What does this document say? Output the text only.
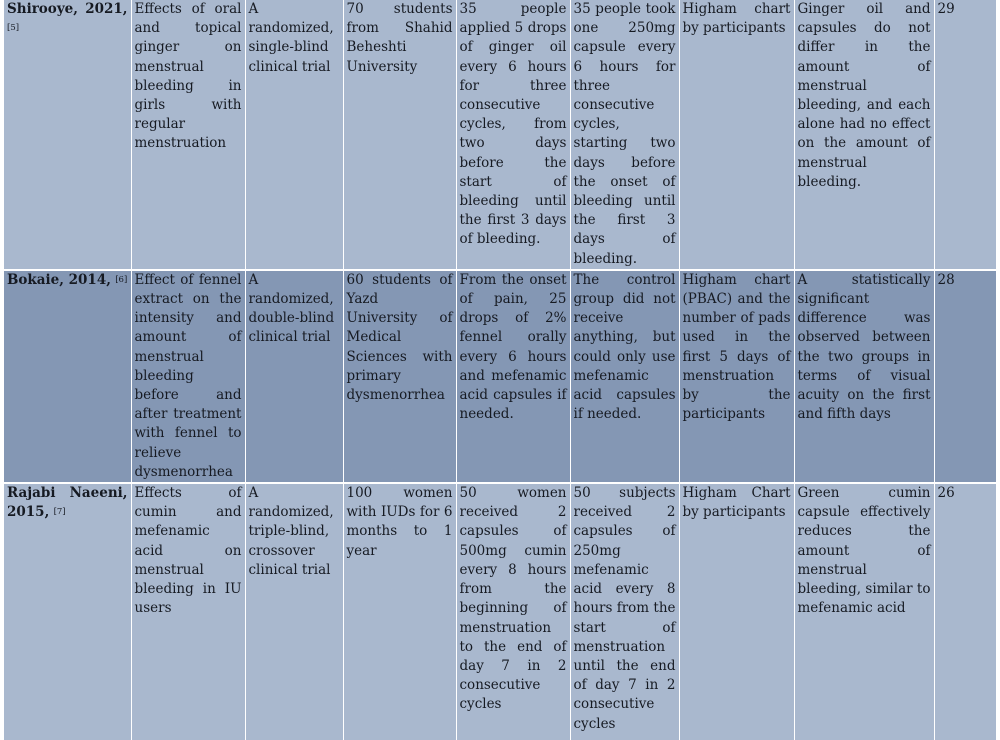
Shirooye, 2021, [5]	Effects of oral and topical ginger on menstrual bleeding in girls with regular menstruation	A randomized, single-blind clinical trial	70 students from Shahid Beheshti University	35 people applied 5 drops of ginger oil every 6 hours for three consecutive cycles, from two days before the start of bleeding until the first 3 days of bleeding.	35 people took one 250mg capsule every 6 hours for three consecutive cycles, starting two days before the onset of bleeding until the first 3 days of bleeding.	Higham chart by participants	Ginger oil and capsules do not differ in the amount of menstrual bleeding, and each alone had no effect on the amount of menstrual bleeding.	29
Bokaie, 2014, [6]	Effect of fennel extract on the intensity and amount of menstrual bleeding before and after treatment with fennel to relieve dysmenorrhea	A randomized, double-blind clinical trial	60 students of Yazd University of Medical Sciences with primary dysmenorrhea	From the onset of pain, 25 drops of 2% fennel orally every 6 hours and mefenamic acid capsules if needed.	The control group did not receive anything, but could only use mefenamic acid capsules if needed.	Higham chart (PBAC) and the number of pads used in the first 5 days of menstruation by the participants	A statistically significant difference was observed between the two groups in terms of visual acuity on the first and fifth days	28
Rajabi Naeeni, 2015, [7]	Effects of cumin and mefenamic acid on menstrual bleeding in IU users	A randomized, triple-blind, crossover clinical trial	100 women with IUDs for 6 months to 1 year	50 women received 2 capsules of 500mg cumin every 8 hours from the beginning of menstruation to the end of day 7 in 2 consecutive cycles	50 subjects received 2 capsules of 250mg mefenamic acid every 8 hours from the start of menstruation until the end of day 7 in 2 consecutive cycles	Higham Chart by participants	Green cumin capsule effectively reduces the amount of menstrual bleeding, similar to mefenamic acid	26
